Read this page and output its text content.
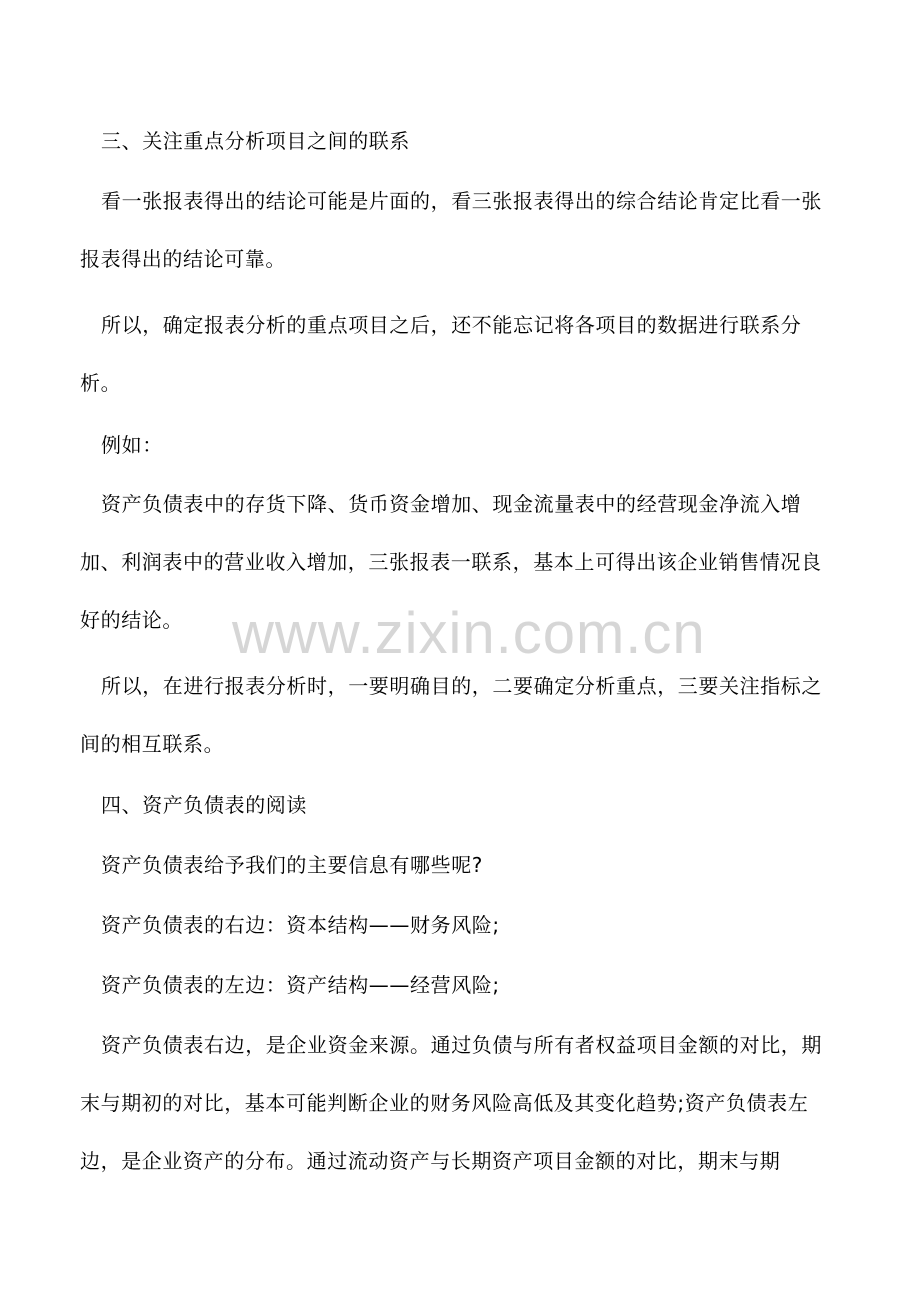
三、关注重点分析项目之间的联系

看一张报表得出的结论可能是片面的，看三张报表得出的综合结论肯定比看一张报表得出的结论可靠。

所以，确定报表分析的重点项目之后，还不能忘记将各项目的数据进行联系分析。

例如：

资产负债表中的存货下降、货币资金增加、现金流量表中的经营现金净流入增加、利润表中的营业收入增加，三张报表一联系，基本上可得出该企业销售情况良好的结论。

所以，在进行报表分析时，一要明确目的，二要确定分析重点，三要关注指标之间的相互联系。

四、资产负债表的阅读

资产负债表给予我们的主要信息有哪些呢?

资产负债表的右边：资本结构——财务风险;

资产负债表的左边：资产结构——经营风险;

资产负债表右边，是企业资金来源。通过负债与所有者权益项目金额的对比，期末与期初的对比，基本可能判断企业的财务风险高低及其变化趋势;资产负债表左边，是企业资产的分布。通过流动资产与长期资产项目金额的对比，期末与期

www.zixin.com.cn
